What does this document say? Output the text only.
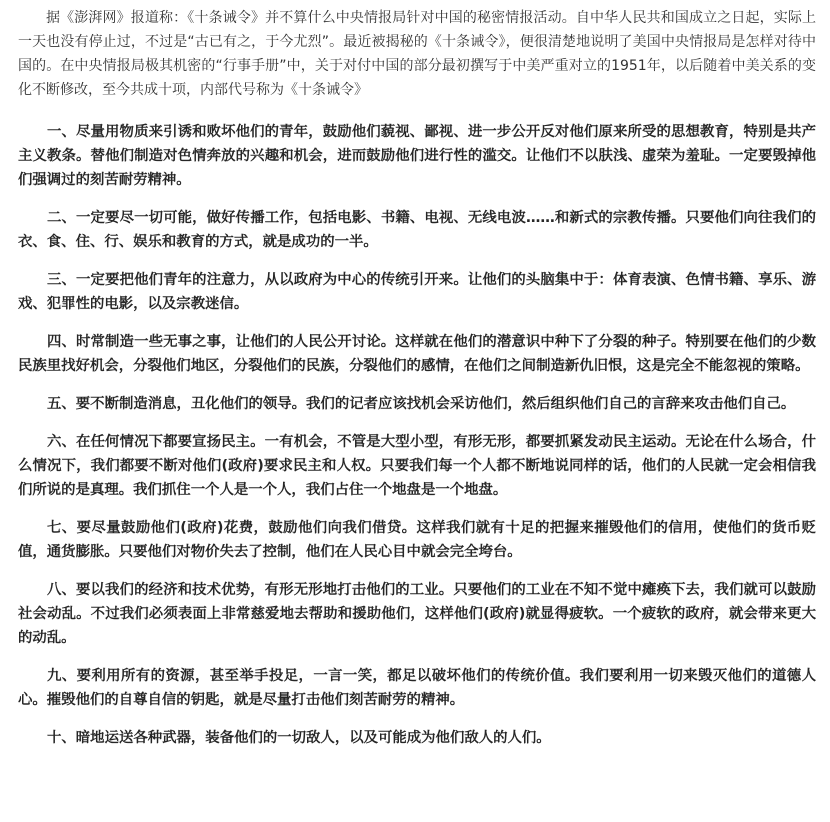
据《澎湃网》报道称：《十条诫令》并不算什么中央情报局针对中国的秘密情报活动。自中华人民共和国成立之日起，实际上一天也没有停止过，不过是“古已有之，于今尤烈”。最近被揭秘的《十条诫令》，便很清楚地说明了美国中央情报局是怎样对待中国的。在中央情报局极其机密的“行事手册”中，关于对付中国的部分最初撰写于中美严重对立的1951年，以后随着中美关系的变化不断修改，至今共成十项，内部代号称为《十条诫令》

一、尽量用物质来引诱和败坏他们的青年，鼓励他们藐视、鄙视、进一步公开反对他们原来所受的思想教育，特别是共产主义教条。替他们制造对色情奔放的兴趣和机会，进而鼓励他们进行性的滥交。让他们不以肤浅、虚荣为羞耻。一定要毁掉他们强调过的刻苦耐劳精神。

二、一定要尽一切可能，做好传播工作，包括电影、书籍、电视、无线电波……和新式的宗教传播。只要他们向往我们的衣、食、住、行、娱乐和教育的方式，就是成功的一半。

三、一定要把他们青年的注意力，从以政府为中心的传统引开来。让他们的头脑集中于：体育表演、色情书籍、享乐、游戏、犯罪性的电影，以及宗教迷信。

四、时常制造一些无事之事，让他们的人民公开讨论。这样就在他们的潜意识中种下了分裂的种子。特别要在他们的少数民族里找好机会，分裂他们地区，分裂他们的民族，分裂他们的感情，在他们之间制造新仇旧恨，这是完全不能忽视的策略。

五、要不断制造消息，丑化他们的领导。我们的记者应该找机会采访他们，然后组织他们自己的言辞来攻击他们自己。

六、在任何情况下都要宣扬民主。一有机会，不管是大型小型，有形无形，都要抓紧发动民主运动。无论在什么场合，什么情况下，我们都要不断对他们(政府)要求民主和人权。只要我们每一个人都不断地说同样的话，他们的人民就一定会相信我们所说的是真理。我们抓住一个人是一个人，我们占住一个地盘是一个地盘。

七、要尽量鼓励他们(政府)花费，鼓励他们向我们借贷。这样我们就有十足的把握来摧毁他们的信用，使他们的货币贬值，通货膨胀。只要他们对物价失去了控制，他们在人民心目中就会完全垮台。

八、要以我们的经济和技术优势，有形无形地打击他们的工业。只要他们的工业在不知不觉中瘫痪下去，我们就可以鼓励社会动乱。不过我们必须表面上非常慈爱地去帮助和援助他们，这样他们(政府)就显得疲软。一个疲软的政府，就会带来更大的动乱。

九、要利用所有的资源，甚至举手投足，一言一笑，都足以破坏他们的传统价值。我们要利用一切来毁灭他们的道德人心。摧毁他们的自尊自信的钥匙，就是尽量打击他们刻苦耐劳的精神。

十、暗地运送各种武器，装备他们的一切敌人，以及可能成为他们敌人的人们。
